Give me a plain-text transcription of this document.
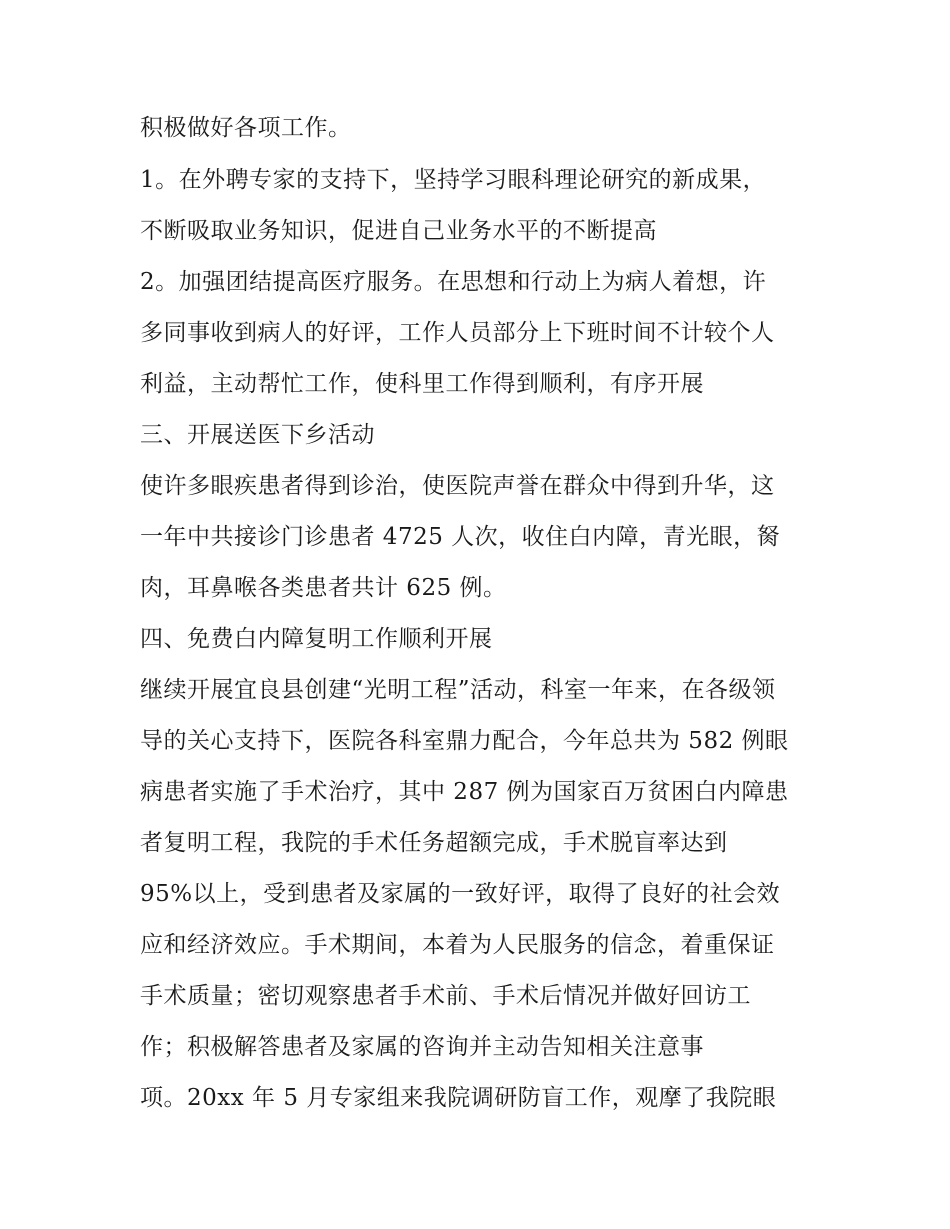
积极做好各项工作。
1。在外聘专家的支持下，坚持学习眼科理论研究的新成果，
不断吸取业务知识，促进自己业务水平的不断提高
2。加强团结提高医疗服务。在思想和行动上为病人着想，许
多同事收到病人的好评，工作人员部分上下班时间不计较个人
利益，主动帮忙工作，使科里工作得到顺利，有序开展
三、开展送医下乡活动
使许多眼疾患者得到诊治，使医院声誉在群众中得到升华，这
一年中共接诊门诊患者 4725 人次，收住白内障，青光眼，胬
肉，耳鼻喉各类患者共计 625 例。
四、免费白内障复明工作顺利开展
继续开展宜良县创建“光明工程”活动，科室一年来，在各级领
导的关心支持下，医院各科室鼎力配合，今年总共为 582 例眼
病患者实施了手术治疗，其中 287 例为国家百万贫困白内障患
者复明工程，我院的手术任务超额完成，手术脱盲率达到
95%以上，受到患者及家属的一致好评，取得了良好的社会效
应和经济效应。手术期间，本着为人民服务的信念，着重保证
手术质量；密切观察患者手术前、手术后情况并做好回访工
作；积极解答患者及家属的咨询并主动告知相关注意事
项。20xx 年 5 月专家组来我院调研防盲工作，观摩了我院眼
